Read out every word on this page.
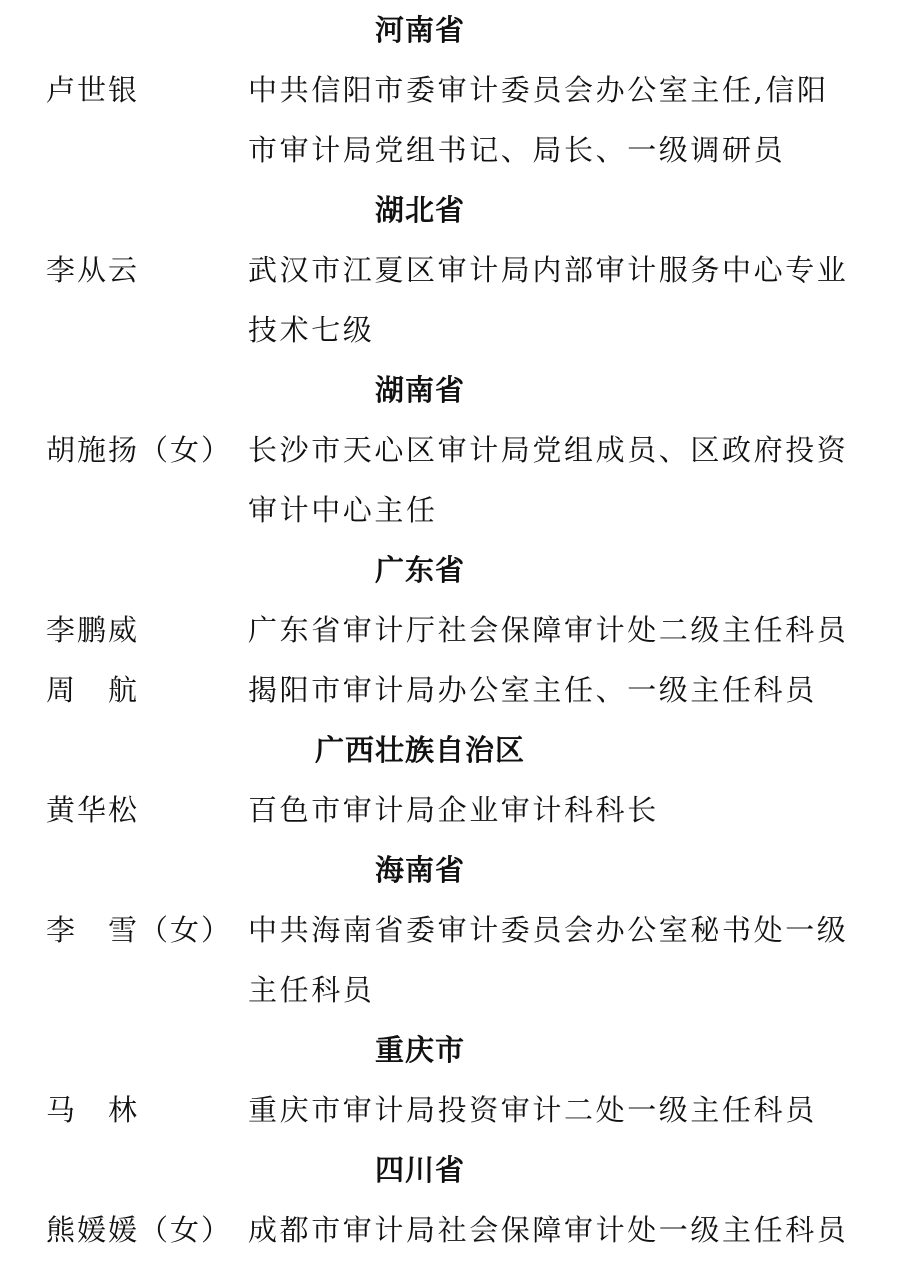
河南省
卢世银	中共信阳市委审计委员会办公室主任,信阳市审计局党组书记、局长、一级调研员
湖北省
李从云	武汉市江夏区审计局内部审计服务中心专业技术七级
湖南省
胡施扬（女） 长沙市天心区审计局党组成员、区政府投资审计中心主任
广东省
李鹏威	广东省审计厅社会保障审计处二级主任科员
周　航	揭阳市审计局办公室主任、一级主任科员
广西壮族自治区
黄华松	百色市审计局企业审计科科长
海南省
李　雪（女） 中共海南省委审计委员会办公室秘书处一级主任科员
重庆市
马　林	重庆市审计局投资审计二处一级主任科员
四川省
熊媛媛（女） 成都市审计局社会保障审计处一级主任科员
